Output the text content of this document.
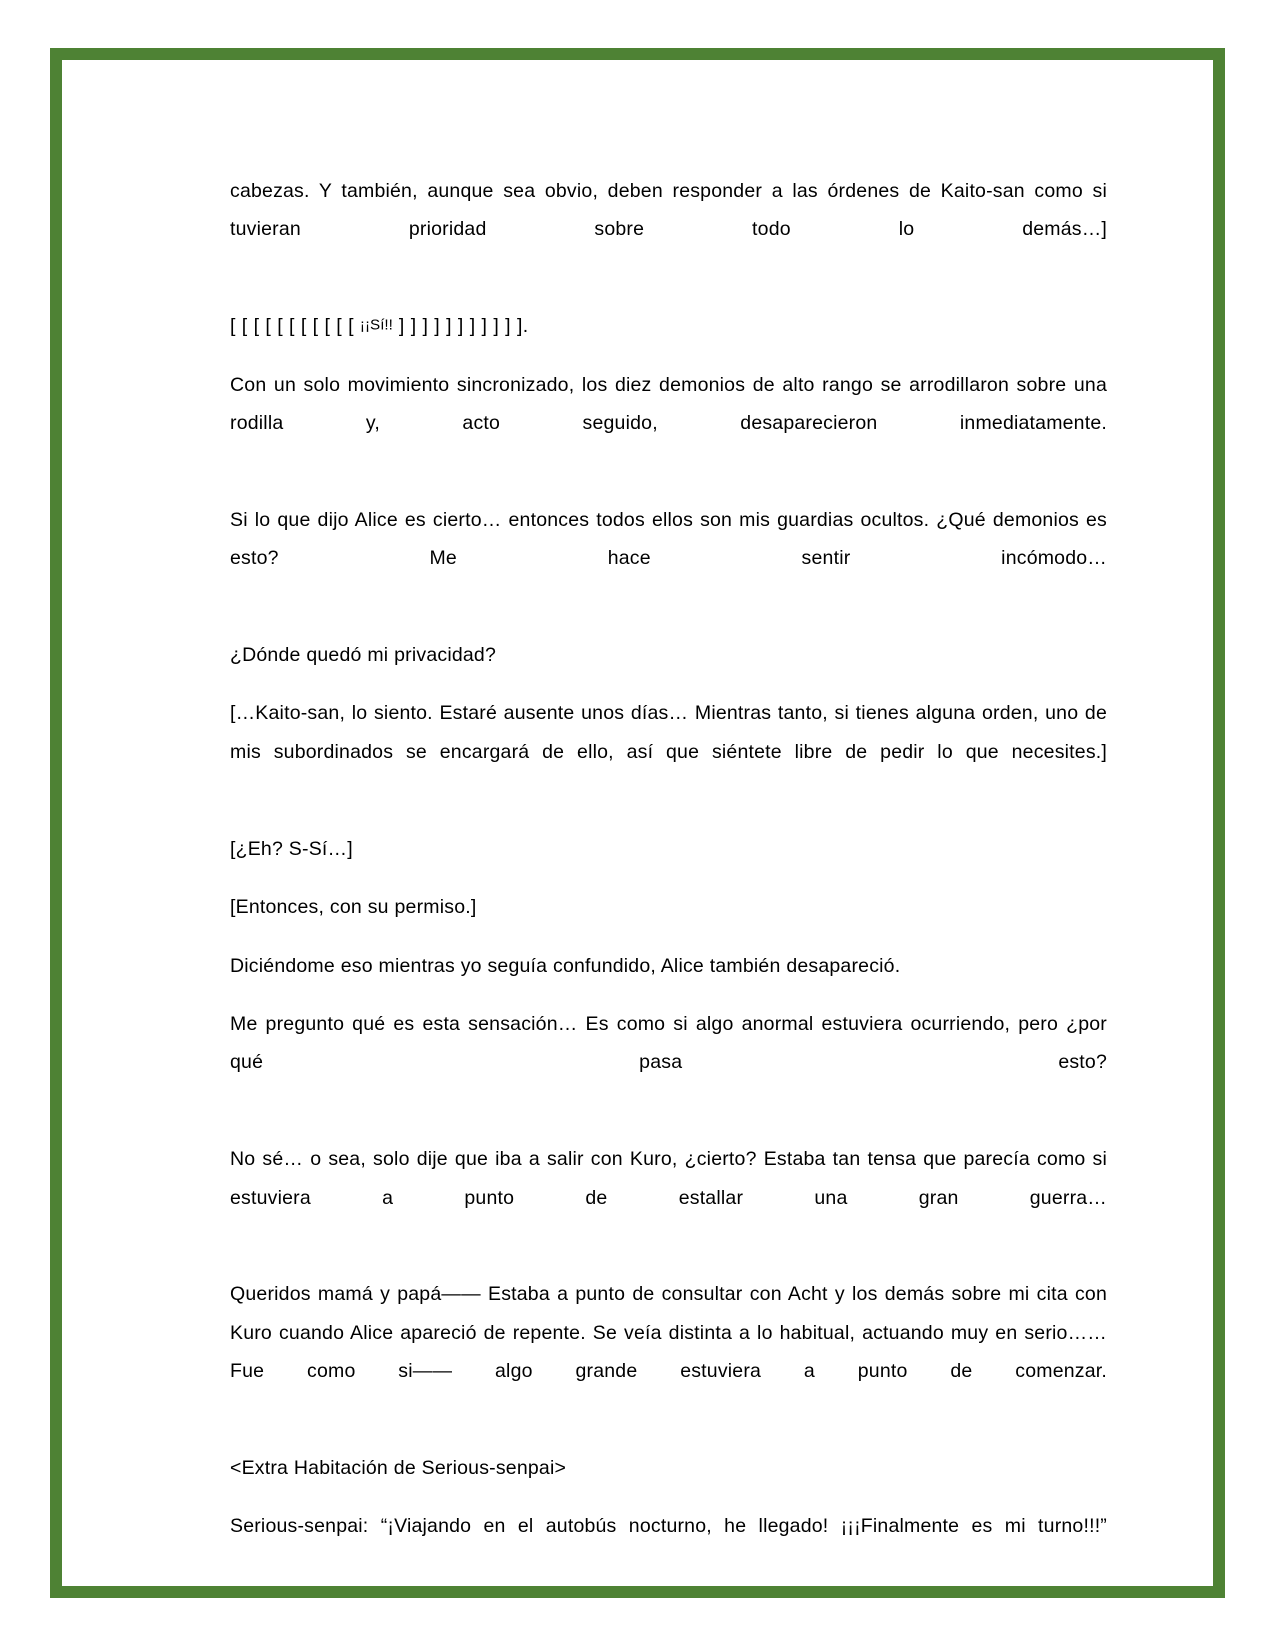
cabezas. Y también, aunque sea obvio, deben responder a las órdenes de Kaito-san como si tuvieran prioridad sobre todo lo demás…]

[ [ [ [ [ [ [ [ [ [ [ ¡¡Sí!! ] ] ] ] ] ] ] ] ] ] ].

Con un solo movimiento sincronizado, los diez demonios de alto rango se arrodillaron sobre una rodilla y, acto seguido, desaparecieron inmediatamente.

Si lo que dijo Alice es cierto… entonces todos ellos son mis guardias ocultos. ¿Qué demonios es esto? Me hace sentir incómodo…

¿Dónde quedó mi privacidad?

[…Kaito-san, lo siento. Estaré ausente unos días… Mientras tanto, si tienes alguna orden, uno de mis subordinados se encargará de ello, así que siéntete libre de pedir lo que necesites.]

[¿Eh? S-Sí…]

[Entonces, con su permiso.]

Diciéndome eso mientras yo seguía confundido, Alice también desapareció.

Me pregunto qué es esta sensación… Es como si algo anormal estuviera ocurriendo, pero ¿por qué pasa esto?

No sé… o sea, solo dije que iba a salir con Kuro, ¿cierto? Estaba tan tensa que parecía como si estuviera a punto de estallar una gran guerra…

Queridos mamá y papá—— Estaba a punto de consultar con Acht y los demás sobre mi cita con Kuro cuando Alice apareció de repente. Se veía distinta a lo habitual, actuando muy en serio…… Fue como si—— algo grande estuviera a punto de comenzar.

<Extra Habitación de Serious-senpai>

Serious-senpai: “¡Viajando en el autobús nocturno, he llegado! ¡¡¡Finalmente es mi turno!!!”
